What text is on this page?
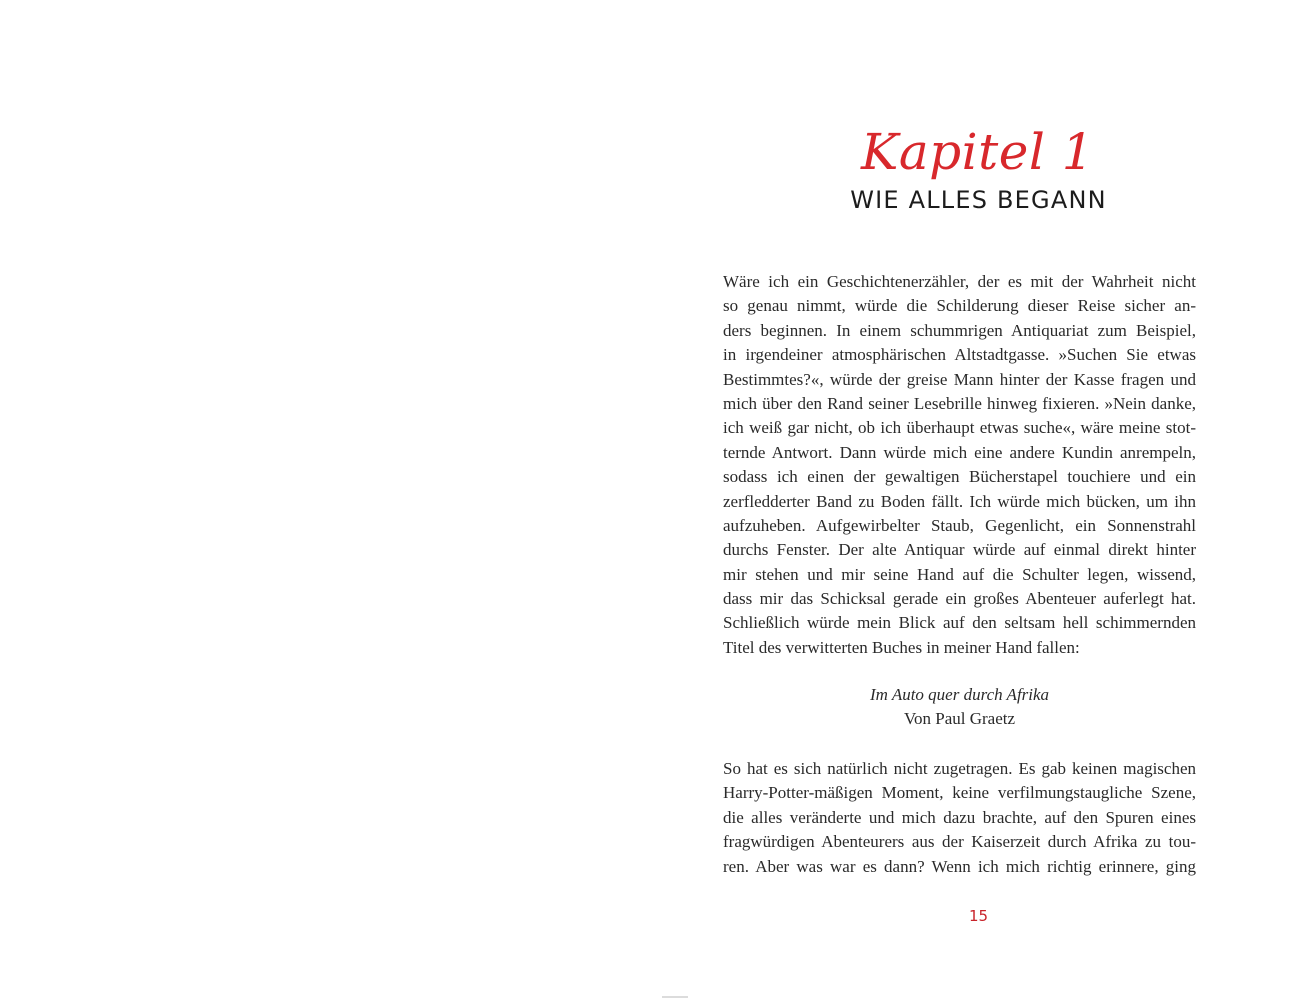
Kapitel 1
WIE ALLES BEGANN
Wäre ich ein Geschichtenerzähler, der es mit der Wahrheit nicht
so genau nimmt, würde die Schilderung dieser Reise sicher an-
ders beginnen. In einem schummrigen Antiquariat zum Beispiel,
in irgendeiner atmosphärischen Altstadtgasse. »Suchen Sie etwas
Bestimmtes?«, würde der greise Mann hinter der Kasse fragen und
mich über den Rand seiner Lesebrille hinweg fixieren. »Nein danke,
ich weiß gar nicht, ob ich überhaupt etwas suche«, wäre meine stot-
ternde Antwort. Dann würde mich eine andere Kundin anrempeln,
sodass ich einen der gewaltigen Bücherstapel touchiere und ein
zerfledderter Band zu Boden fällt. Ich würde mich bücken, um ihn
aufzuheben. Aufgewirbelter Staub, Gegenlicht, ein Sonnenstrahl
durchs Fenster. Der alte Antiquar würde auf einmal direkt hinter
mir stehen und mir seine Hand auf die Schulter legen, wissend,
dass mir das Schicksal gerade ein großes Abenteuer auferlegt hat.
Schließlich würde mein Blick auf den seltsam hell schimmernden
Titel des verwitterten Buches in meiner Hand fallen:
Im Auto quer durch Afrika
Von Paul Graetz
So hat es sich natürlich nicht zugetragen. Es gab keinen magischen
Harry-Potter-mäßigen Moment, keine verfilmungstaugliche Szene,
die alles veränderte und mich dazu brachte, auf den Spuren eines
fragwürdigen Abenteurers aus der Kaiserzeit durch Afrika zu tou-
ren. Aber was war es dann? Wenn ich mich richtig erinnere, ging
15
